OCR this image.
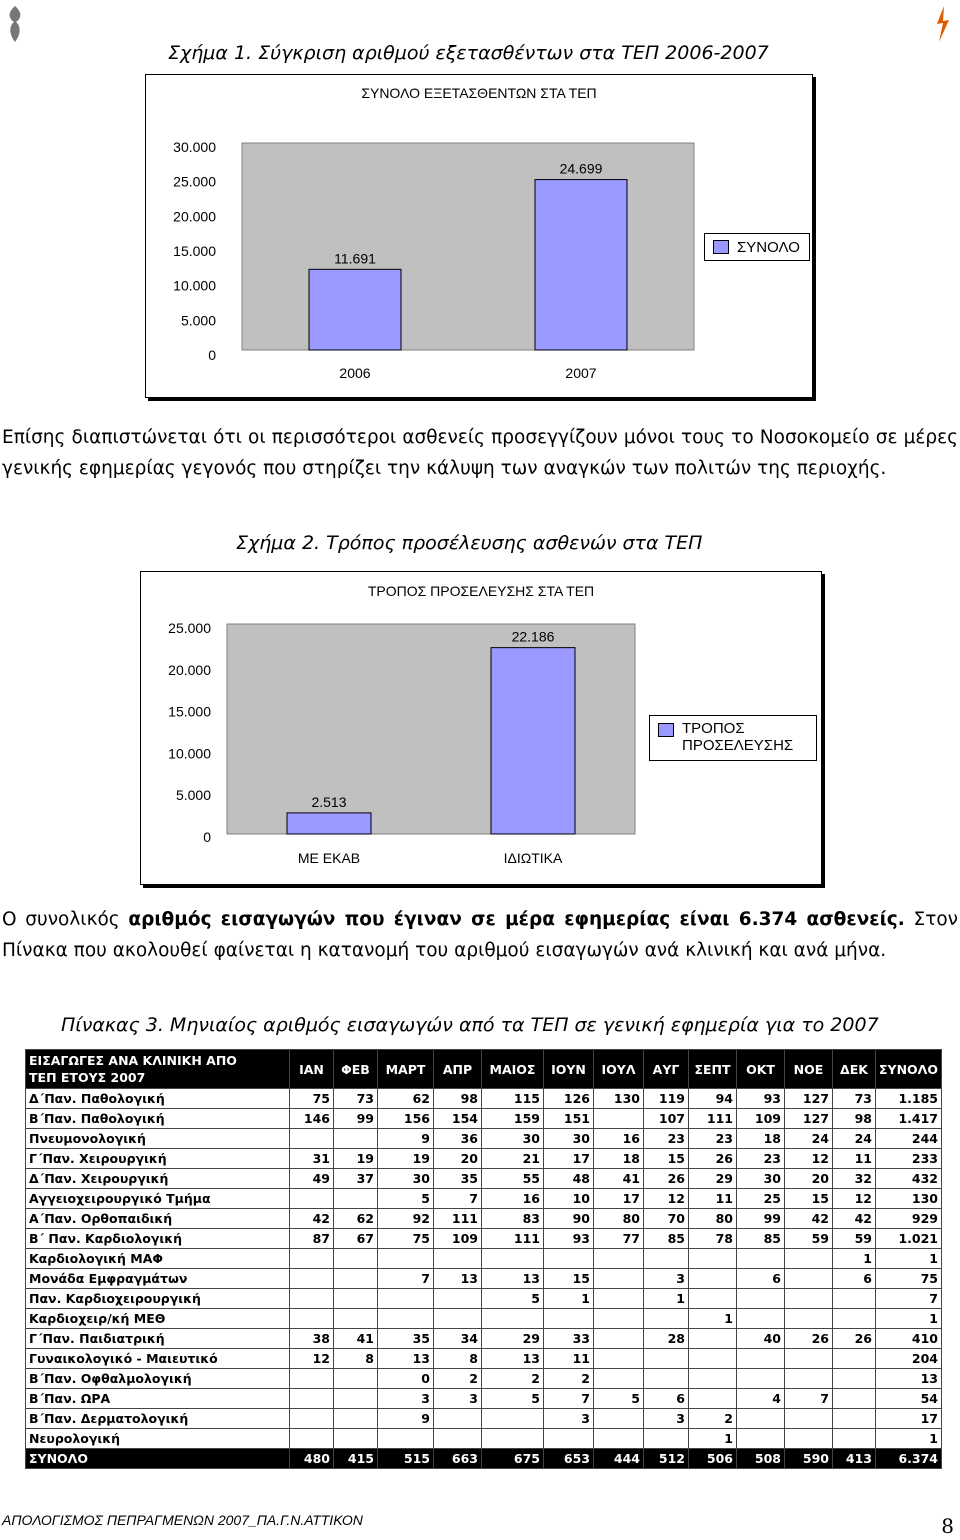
Σχήμα 1. Σύγκριση αριθμού εξετασθέντων στα ΤΕΠ 2006-2007
ΣΥΝΟΛΟ ΕΞΕΤΑΣΘΕΝΤΩΝ ΣΤΑ ΤΕΠ
0
5.000
10.000
15.000
20.000
25.000
30.000
11.691
2006
24.699
2007
ΣΥΝΟΛΟ
Επίσης διαπιστώνεται ότι οι περισσότεροι ασθενείς προσεγγίζουν μόνοι τους το Νοσοκομείο σε μέρες γενικής εφημερίας γεγονός που στηρίζει την κάλυψη των αναγκών των πολιτών της περιοχής.
Σχήμα 2. Τρόπος προσέλευσης ασθενών στα ΤΕΠ
ΤΡΟΠΟΣ ΠΡΟΣΕΛΕΥΣΗΣ ΣΤΑ ΤΕΠ
0
5.000
10.000
15.000
20.000
25.000
2.513
ΜΕ ΕΚΑΒ
22.186
ΙΔΙΩΤΙΚΑ
ΤΡΟΠΟΣ ΠΡΟΣΕΛΕΥΣΗΣ
Ο συνολικός αριθμός εισαγωγών που έγιναν σε μέρα εφημερίας είναι 6.374 ασθενείς. Στον Πίνακα που ακολουθεί φαίνεται η κατανομή του αριθμού εισαγωγών ανά κλινική και ανά μήνα.
Πίνακας 3. Μηνιαίος αριθμός εισαγωγών από τα ΤΕΠ σε γενική εφημερία για το 2007
ΕΙΣΑΓΩΓΕΣ ΑΝΑ ΚΛΙΝΙΚΗ ΑΠΟ
ΤΕΠ ΕΤΟΥΣ 2007	ΙΑΝ	ΦΕΒ	ΜΑΡΤ	ΑΠΡ	ΜΑΙΟΣ	ΙΟΥΝ	ΙΟΥΛ	ΑΥΓ	ΣΕΠΤ	ΟΚΤ	ΝΟΕ	ΔΕΚ	ΣΥΝΟΛΟ
Δ΄Παν. Παθολογική	75	73	62	98	115	126	130	119	94	93	127	73	1.185
Β΄Παν. Παθολογική	146	99	156	154	159	151		107	111	109	127	98	1.417
Πνευμονολογική			9	36	30	30	16	23	23	18	24	24	244
Γ΄Παν. Χειρουργική	31	19	19	20	21	17	18	15	26	23	12	11	233
Δ΄Παν. Χειρουργική	49	37	30	35	55	48	41	26	29	30	20	32	432
Αγγειοχειρουργικό Τμήμα			5	7	16	10	17	12	11	25	15	12	130
Α΄Παν. Ορθοπαιδική	42	62	92	111	83	90	80	70	80	99	42	42	929
Β΄ Παν. Καρδιολογική	87	67	75	109	111	93	77	85	78	85	59	59	1.021
Καρδιολογική ΜΑΦ												1	1
Μονάδα Εμφραγμάτων			7	13	13	15		3		6		6	75
Παν. Καρδιοχειρουργική					5	1		1					7
Καρδιοχειρ/κή ΜΕΘ									1				1
Γ΄Παν. Παιδιατρική	38	41	35	34	29	33		28		40	26	26	410
Γυναικολογικό - Μαιευτικό	12	8	13	8	13	11							204
Β΄Παν. Οφθαλμολογική			0	2	2	2							13
Β΄Παν. ΩΡΑ			3	3	5	7	5	6		4	7		54
Β΄Παν. Δερματολογική			9			3		3	2				17
Νευρολογική									1				1
ΣΥΝΟΛΟ	480	415	515	663	675	653	444	512	506	508	590	413	6.374
ΑΠΟΛΟΓΙΣΜΟΣ ΠΕΠΡΑΓΜΕΝΩΝ 2007_ΠΑ.Γ.Ν.ΑΤΤΙΚΟΝ	8
